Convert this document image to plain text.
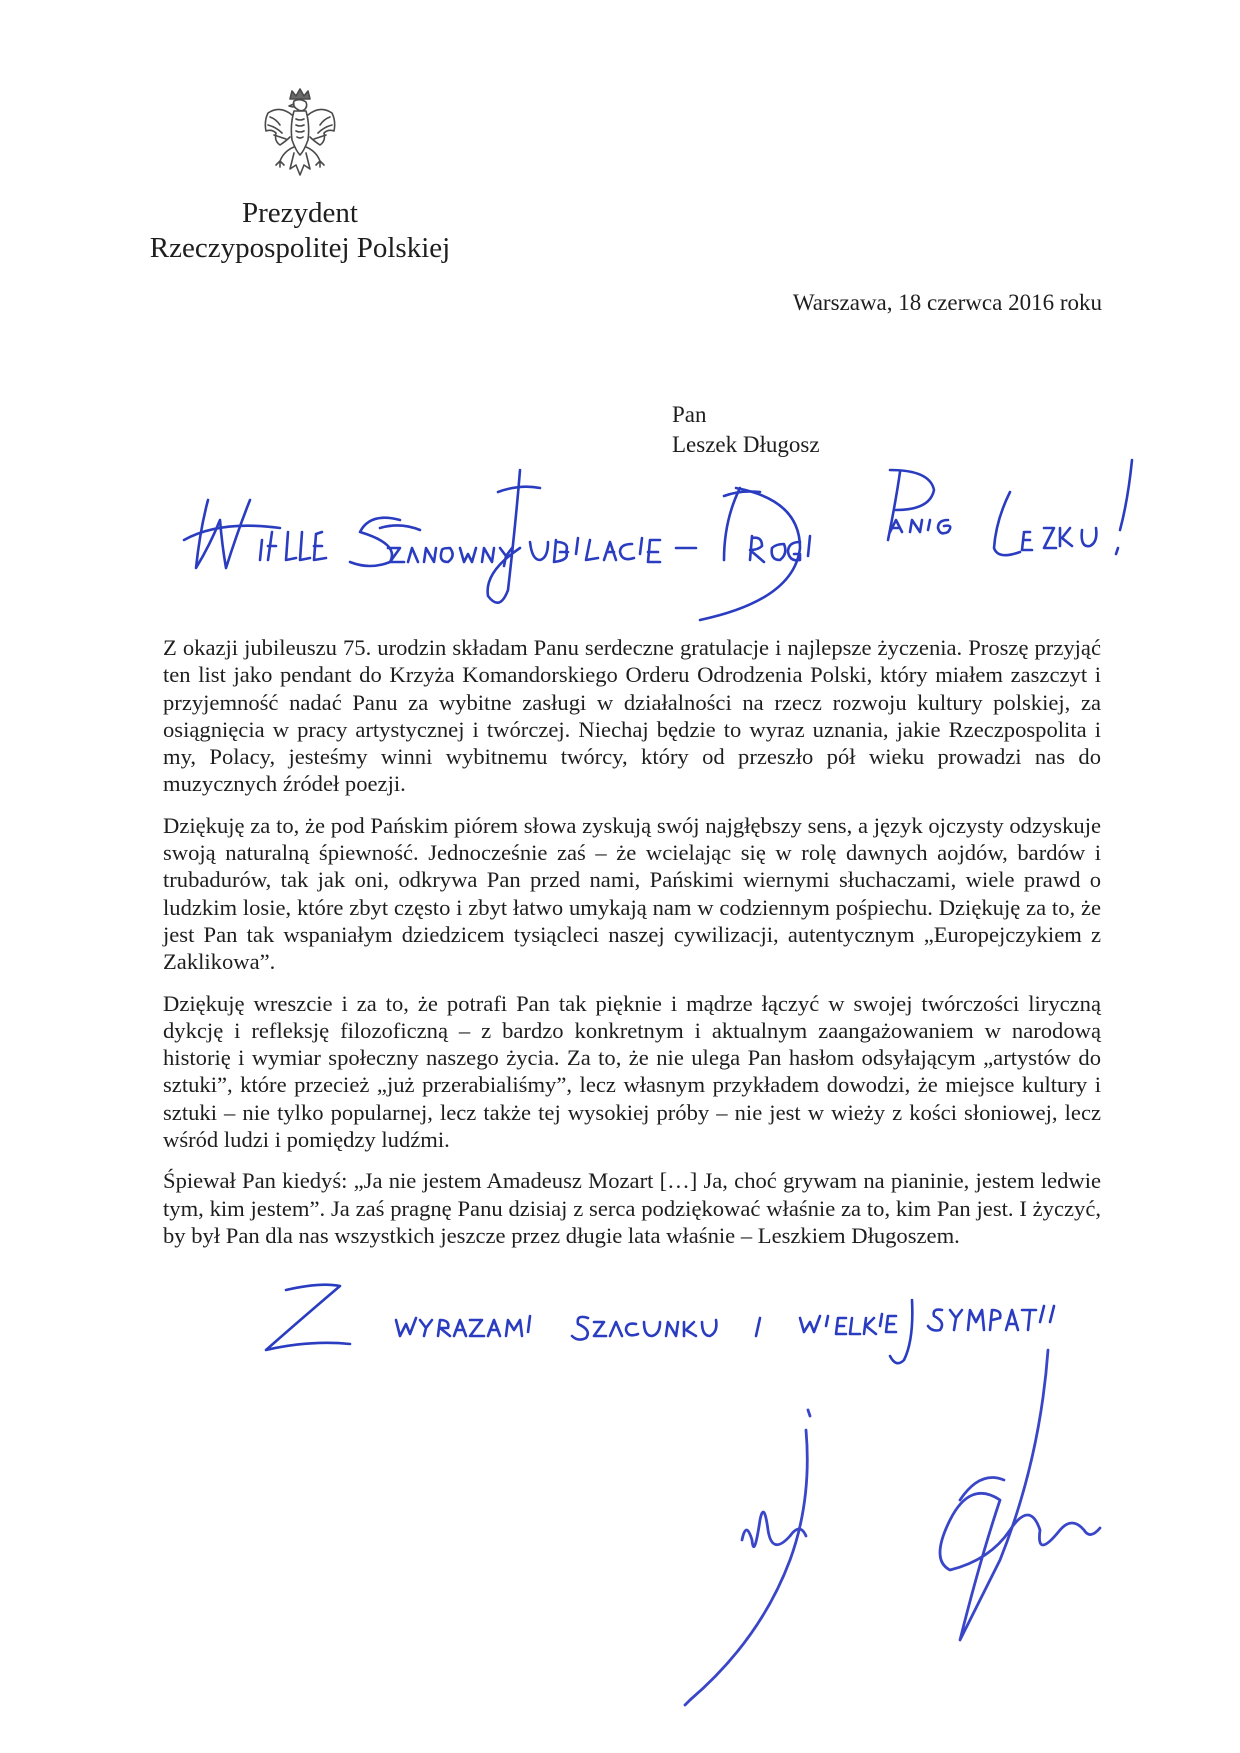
Prezydent
Rzeczypospolitej Polskiej
Warszawa, 18 czerwca 2016 roku
Pan
Leszek Długosz

Z okazji jubileuszu 75. urodzin składam Panu serdeczne gratulacje i najlepsze życzenia. Proszę przyjąć ten list jako pendant do Krzyża Komandorskiego Orderu Odrodzenia Polski, który miałem zaszczyt i przyjemność nadać Panu za wybitne zasługi w działalności na rzecz rozwoju kultury polskiej, za osiągnięcia w pracy artystycznej i twórczej. Niechaj będzie to wyraz uznania, jakie Rzeczpospolita i my, Polacy, jesteśmy winni wybitnemu twórcy, który od przeszło pół wieku prowadzi nas do muzycznych źródeł poezji.

Dziękuję za to, że pod Pańskim piórem słowa zyskują swój najgłębszy sens, a język ojczysty odzyskuje swoją naturalną śpiewność. Jednocześnie zaś – że wcielając się w rolę dawnych aojdów, bardów i trubadurów, tak jak oni, odkrywa Pan przed nami, Pańskimi wiernymi słuchaczami, wiele prawd o ludzkim losie, które zbyt często i zbyt łatwo umykają nam w codziennym pośpiechu. Dziękuję za to, że jest Pan tak wspaniałym dziedzicem tysiącleci naszej cywilizacji, autentycznym „Europejczykiem z Zaklikowa”.

Dziękuję wreszcie i za to, że potrafi Pan tak pięknie i mądrze łączyć w swojej twórczości liryczną dykcję i refleksję filozoficzną – z bardzo konkretnym i aktualnym zaangażowaniem w narodową historię i wymiar społeczny naszego życia. Za to, że nie ulega Pan hasłom odsyłającym „artystów do sztuki”, które przecież „już przerabialiśmy”, lecz własnym przykładem dowodzi, że miejsce kultury i sztuki – nie tylko popularnej, lecz także tej wysokiej próby – nie jest w wieży z kości słoniowej, lecz wśród ludzi i pomiędzy ludźmi.

Śpiewał Pan kiedyś: „Ja nie jestem Amadeusz Mozart […] Ja, choć grywam na pianinie, jestem ledwie tym, kim jestem”. Ja zaś pragnę Panu dzisiaj z serca podziękować właśnie za to, kim Pan jest. I życzyć, by był Pan dla nas wszystkich jeszcze przez długie lata właśnie – Leszkiem Długoszem.
